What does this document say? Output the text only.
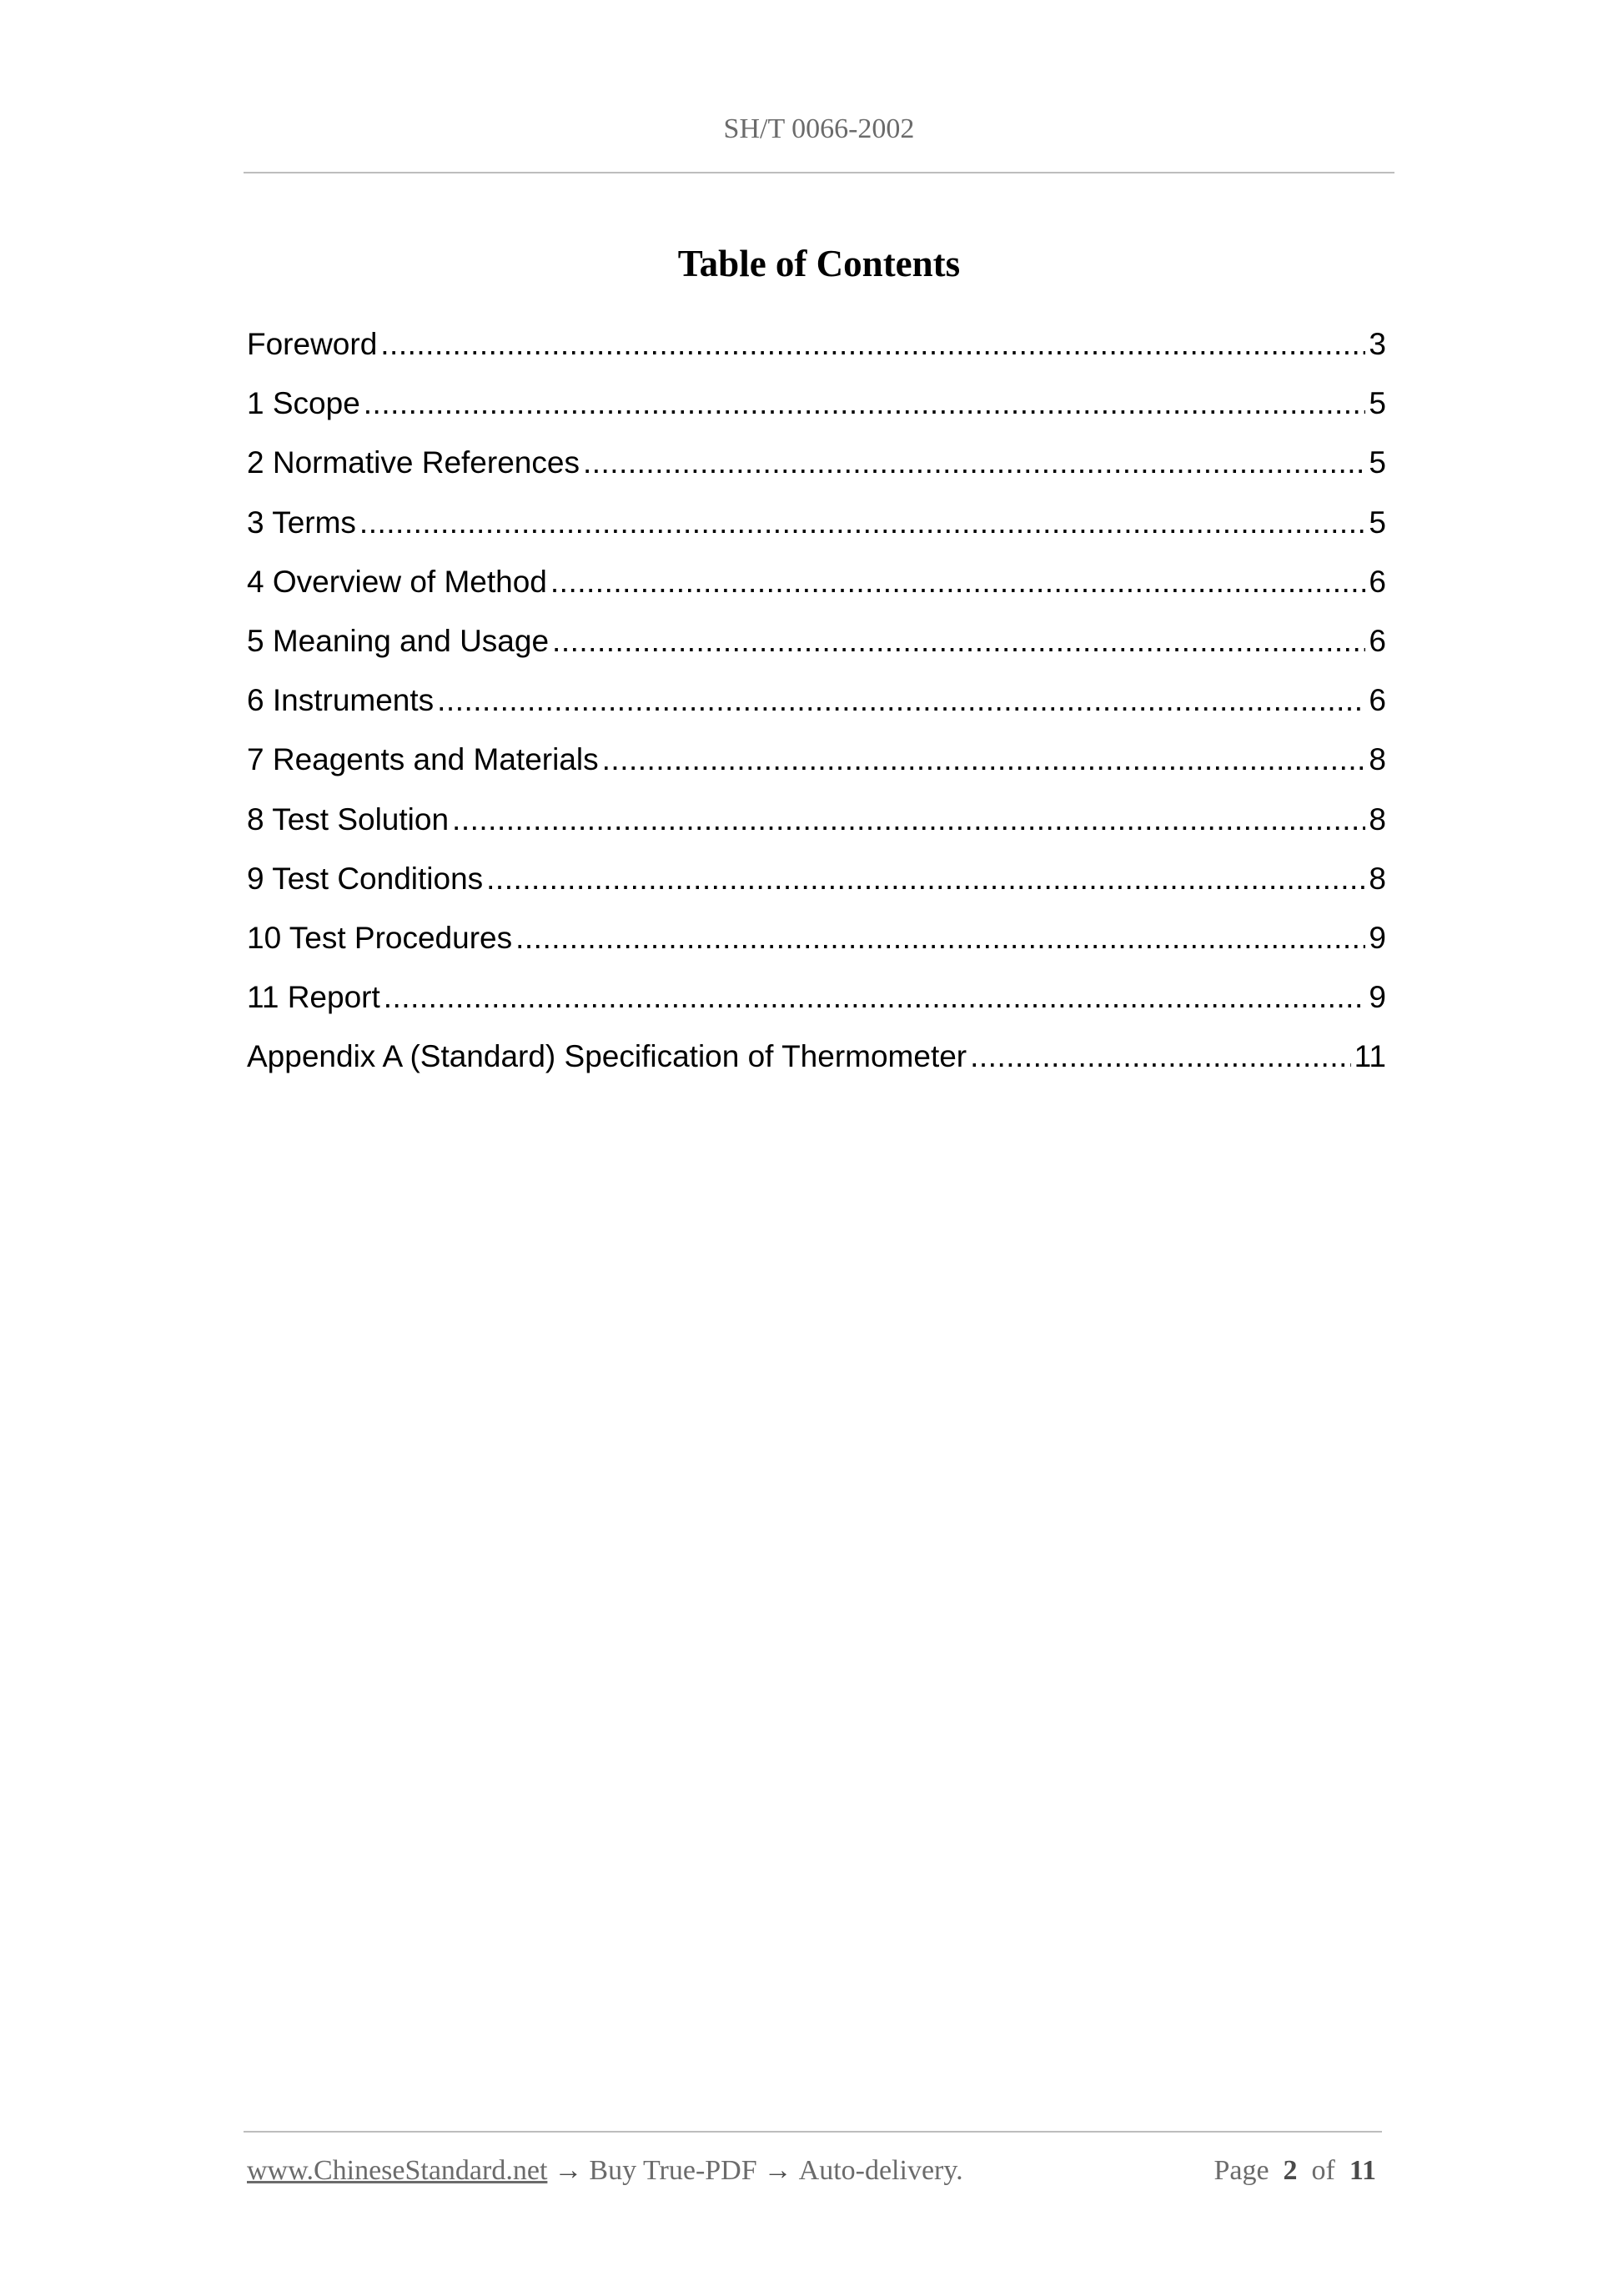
SH/T 0066-2002
Table of Contents
Foreword .....	3
1 Scope .....	5
2 Normative References .....	5
3 Terms .....	5
4 Overview of Method .....	6
5 Meaning and Usage .....	6
6 Instruments .....	6
7 Reagents and Materials .....	8
8 Test Solution .....	8
9 Test Conditions .....	8
10 Test Procedures .....	9
11 Report .....	9
Appendix A (Standard) Specification of Thermometer .....	11
www.ChineseStandard.net → Buy True-PDF → Auto-delivery.	Page 2 of 11
